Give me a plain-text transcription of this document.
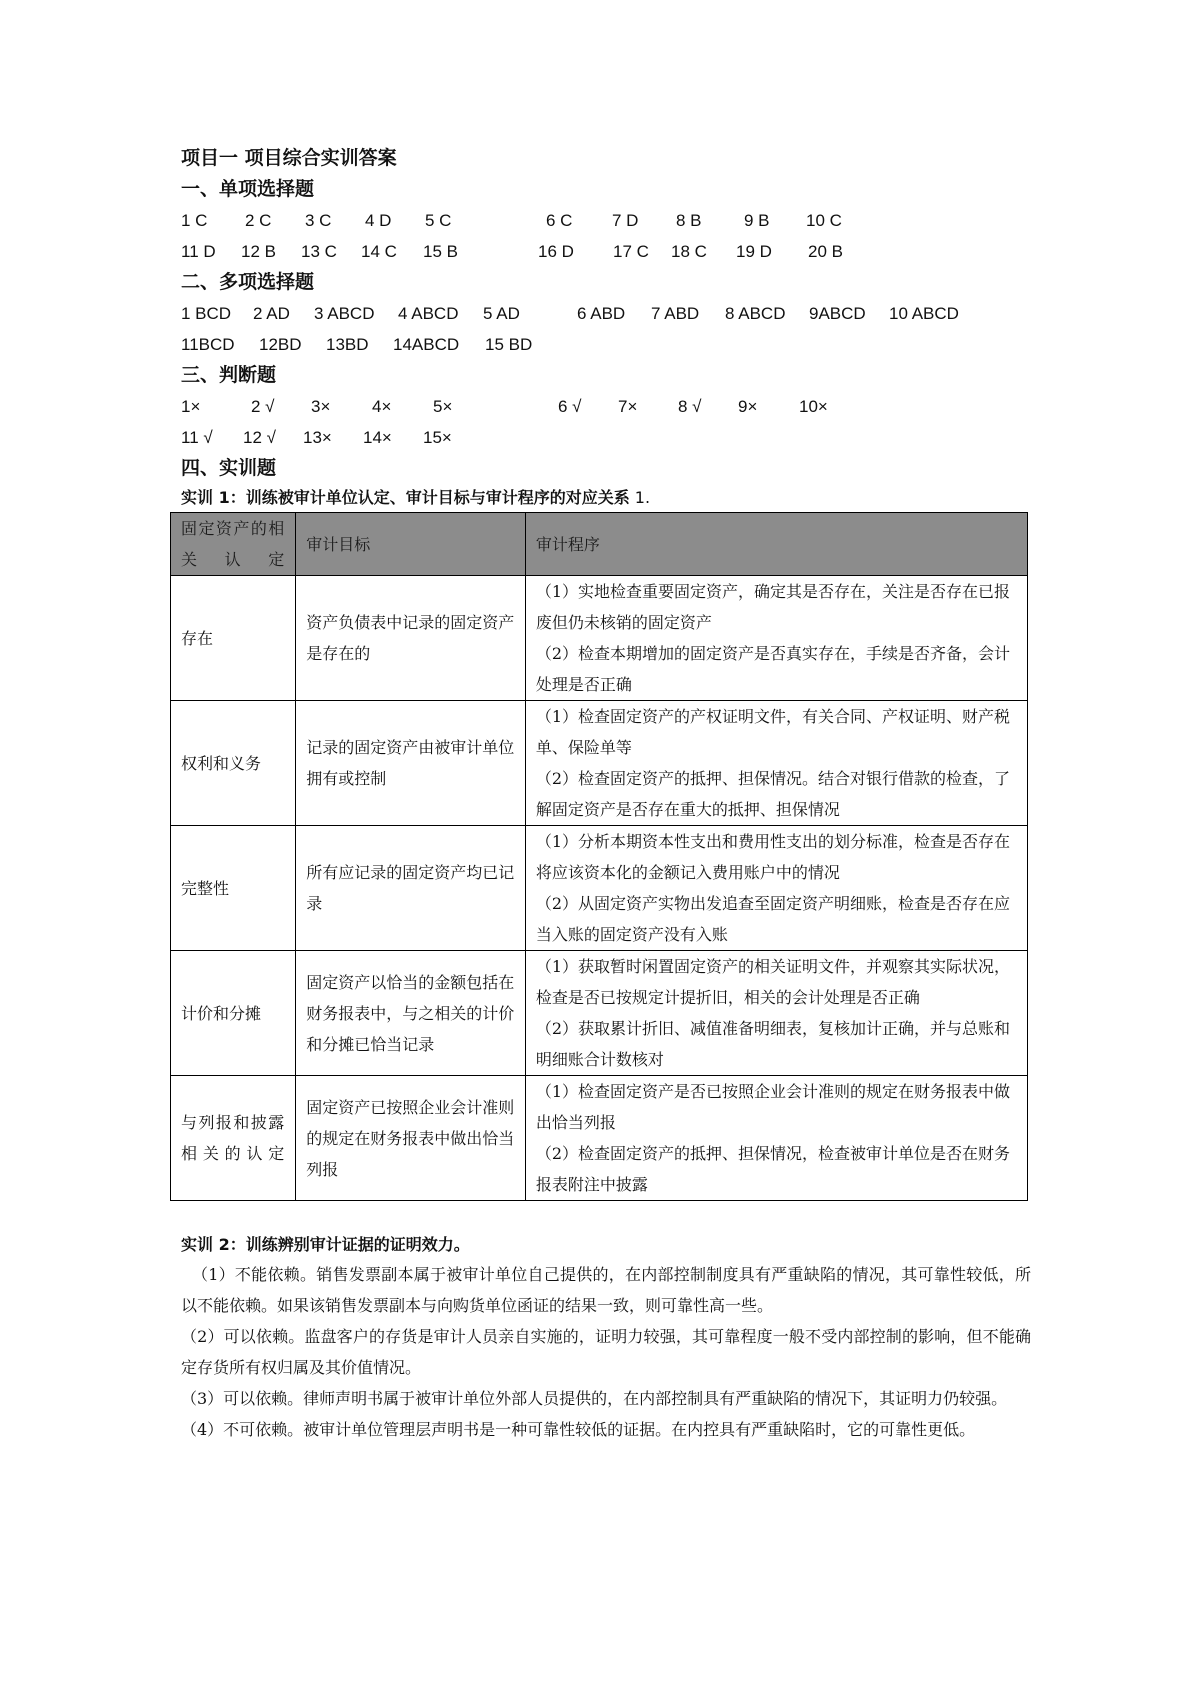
项目一 项目综合实训答案
一、单项选择题
1 C 2 C 3 C 4 D 5 C	6 C 7 D 8 B 9 B 10 C
11 D 12 B 13 C 14 C 15 B	16 D 17 C 18 C 19 D 20 B
二、多项选择题
1 BCD 2 AD 3 ABCD 4 ABCD 5 AD	6 ABD 7 ABD 8 ABCD 9ABCD 10 ABCD
11BCD 12BD 13BD 14ABCD 15 BD
三、判断题
1×	2 √ 3× 4× 5×	6 √ 7× 8 √ 9× 10×
11 √ 12 √ 13× 14× 15×
四、实训题
实训 1：训练被审计单位认定、审计目标与审计程序的对应关系 1.
固定资产的相关认定	审计目标	审计程序
存在	资产负债表中记录的固定资产是存在的	（1）实地检查重要固定资产，确定其是否存在，关注是否存在已报废但仍未核销的固定资产
（2）检查本期增加的固定资产是否真实存在，手续是否齐备，会计处理是否正确

权利和义务	记录的固定资产由被审计单位拥有或控制	（1）检查固定资产的产权证明文件，有关合同、产权证明、财产税单、保险单等
（2）检查固定资产的抵押、担保情况。结合对银行借款的检查，了解固定资产是否存在重大的抵押、担保情况

完整性	所有应记录的固定资产均已记录	（1）分析本期资本性支出和费用性支出的划分标准，检查是否存在将应该资本化的金额记入费用账户中的情况
（2）从固定资产实物出发追查至固定资产明细账，检查是否存在应当入账的固定资产没有入账

计价和分摊	固定资产以恰当的金额包括在财务报表中，与之相关的计价和分摊已恰当记录	（1）获取暂时闲置固定资产的相关证明文件，并观察其实际状况，检查是否已按规定计提折旧，相关的会计处理是否正确
（2）获取累计折旧、减值准备明细表，复核加计正确，并与总账和明细账合计数核对

与列报和披露相关的认定	固定资产已按照企业会计准则的规定在财务报表中做出恰当列报	（1）检查固定资产是否已按照企业会计准则的规定在财务报表中做出恰当列报
（2）检查固定资产的抵押、担保情况，检查被审计单位是否在财务报表附注中披露
实训 2：训练辨别审计证据的证明效力。

（1）不能依赖。销售发票副本属于被审计单位自己提供的，在内部控制制度具有严重缺陷的情况，其可靠性较低，所以不能依赖。如果该销售发票副本与向购货单位函证的结果一致，则可靠性高一些。

（2）可以依赖。监盘客户的存货是审计人员亲自实施的，证明力较强，其可靠程度一般不受内部控制的影响，但不能确定存货所有权归属及其价值情况。

（3）可以依赖。律师声明书属于被审计单位外部人员提供的，在内部控制具有严重缺陷的情况下，其证明力仍较强。

（4）不可依赖。被审计单位管理层声明书是一种可靠性较低的证据。在内控具有严重缺陷时，它的可靠性更低。
